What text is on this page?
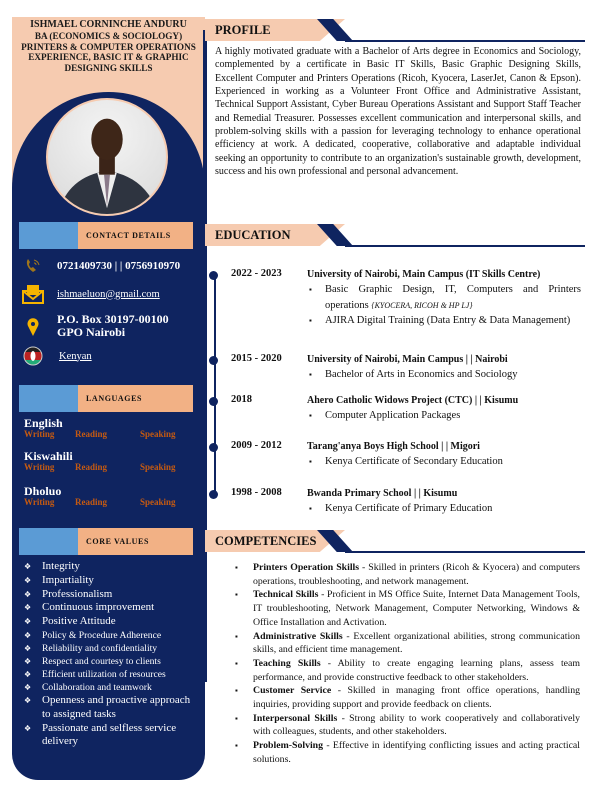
ISHMAEL CORNINCHE ANDURU
BA (ECONOMICS & SOCIOLOGY)
PRINTERS & COMPUTER OPERATIONS
EXPERIENCE, BASIC IT & GRAPHIC
DESIGNING SKILLS
CONTACT DETAILS
0721409730 | | 0756910970
ishmaeluon@gmail.com
P.O. Box 30197-00100
GPO Nairobi
Kenyan
LANGUAGES
English
Writing	Reading	Speaking
Kiswahili
Writing	Reading	Speaking
Dholuo
Writing	Reading	Speaking
CORE VALUES
❖ Integrity
❖ Impartiality
❖ Professionalism
❖ Continuous improvement
❖ Positive Attitude
❖	Policy & Procedure Adherence
❖	Reliability and confidentiality
❖	Respect and courtesy to clients
❖	Efficient utilization of resources
❖	Collaboration and teamwork
❖ Openness and proactive approach to assigned tasks
❖ Passionate and selfless service delivery
PROFILE

A highly motivated graduate with a Bachelor of Arts degree in Economics and Sociology, complemented by a certificate in Basic IT Skills, Basic Graphic Designing Skills, Excellent Computer and Printers Operations (Ricoh, Kyocera, LaserJet, Canon & Epson). Experienced in working as a Volunteer Front Office and Administrative Assistant, Technical Support Assistant, Cyber Bureau Operations Assistant and Support Staff Teacher and Remedial Treasurer. Possesses excellent communication and interpersonal skills, and problem-solving skills with a passion for leveraging technology to enhance operational efficiency at work. A dedicated, cooperative, collaborative and adaptable individual seeking an opportunity to contribute to an organization's sustainable growth, development, success and his own professional and personal advancement.

EDUCATION
2022 - 2023	University of Nairobi, Main Campus (IT Skills Centre)
▪ Basic Graphic Design, IT, Computers and Printers operations {KYOCERA, RICOH & HP LJ}
▪ AJIRA Digital Training (Data Entry & Data Management)
2015 - 2020	University of Nairobi, Main Campus | | Nairobi
▪ Bachelor of Arts in Economics and Sociology
2018	Ahero Catholic Widows Project (CTC) | | Kisumu
▪ Computer Application Packages
2009 - 2012	Tarang'anya Boys High School | | Migori
▪ Kenya Certificate of Secondary Education
1998 - 2008	Bwanda Primary School | | Kisumu
▪ Kenya Certificate of Primary Education
COMPETENCIES
▪ Printers Operation Skills - Skilled in printers (Ricoh & Kyocera) and computers operations, troubleshooting, and network management.
▪ Technical Skills - Proficient in MS Office Suite, Internet Data Management Tools, IT troubleshooting, Network Management, Computer Networking, Windows & Office Installation and Activation.
▪ Administrative Skills - Excellent organizational abilities, strong communication skills, and efficient time management.
▪ Teaching Skills - Ability to create engaging learning plans, assess team performance, and provide constructive feedback to other stakeholders.
▪ Customer Service - Skilled in managing front office operations, handling inquiries, providing support and provide feedback on clients.
▪ Interpersonal Skills - Strong ability to work cooperatively and collaboratively with colleagues, students, and other stakeholders.
▪ Problem-Solving - Effective in identifying conflicting issues and acting practical solutions.
